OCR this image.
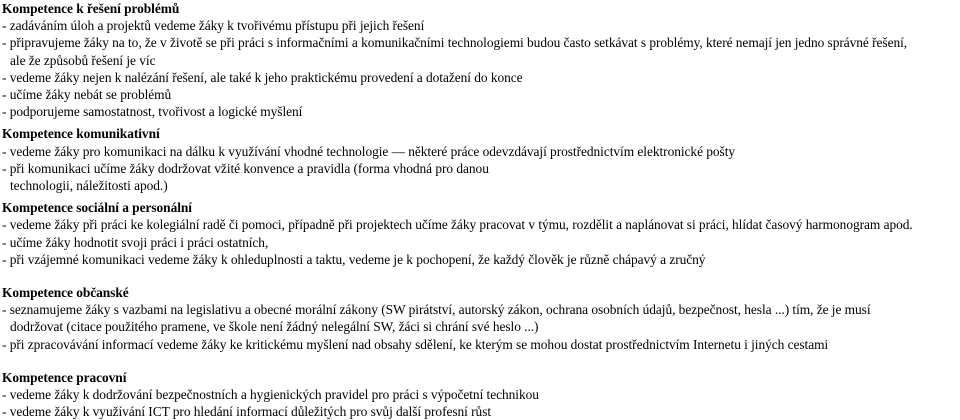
Kompetence k řešení problémů
- zadáváním úloh a projektů vedeme žáky k tvořivému přístupu při jejich řešení
- připravujeme žáky na to, že v životě se při práci s informačními a komunikačními technologiemi budou často setkávat s problémy, které nemají jen jedno správné řešení,
ale že způsobů řešení je víc
- vedeme žáky nejen k nalézání řešení, ale také k jeho praktickému provedení a dotažení do konce
- učíme žáky nebát se problémů
- podporujeme samostatnost, tvořivost a logické myšlení
Kompetence komunikativní
- vedeme žáky pro komunikaci na dálku k využívání vhodné technologie — některé práce odevzdávají prostřednictvím elektronické pošty
- při komunikaci učíme žáky dodržovat vžité konvence a pravidla (forma vhodná pro danou
technologii, náležitosti apod.)
Kompetence sociální a personální
- vedeme žáky při práci ke kolegiální radě či pomoci, případně při projektech učíme žáky pracovat v týmu, rozdělit a naplánovat si práci, hlídat časový harmonogram apod.
- učíme žáky hodnotit svoji práci i práci ostatních,
- při vzájemné komunikaci vedeme žáky k ohleduplnosti a taktu, vedeme je k pochopení, že každý člověk je různě chápavý a zručný
Kompetence občanské
- seznamujeme žáky s vazbami na legislativu a obecné morální zákony (SW pirátství, autorský zákon, ochrana osobních údajů, bezpečnost, hesla ...) tím, že je musí
dodržovat (citace použitého pramene, ve škole není žádný nelegální SW, žáci si chrání své heslo ...)
- při zpracovávání informací vedeme žáky ke kritickému myšlení nad obsahy sdělení, ke kterým se mohou dostat prostřednictvím Internetu i jiných cestami
Kompetence pracovní
- vedeme žáky k dodržování bezpečnostních a hygienických pravidel pro práci s výpočetní technikou
- vedeme žáky k využívání ICT pro hledání informací důležitých pro svůj další profesní růst
